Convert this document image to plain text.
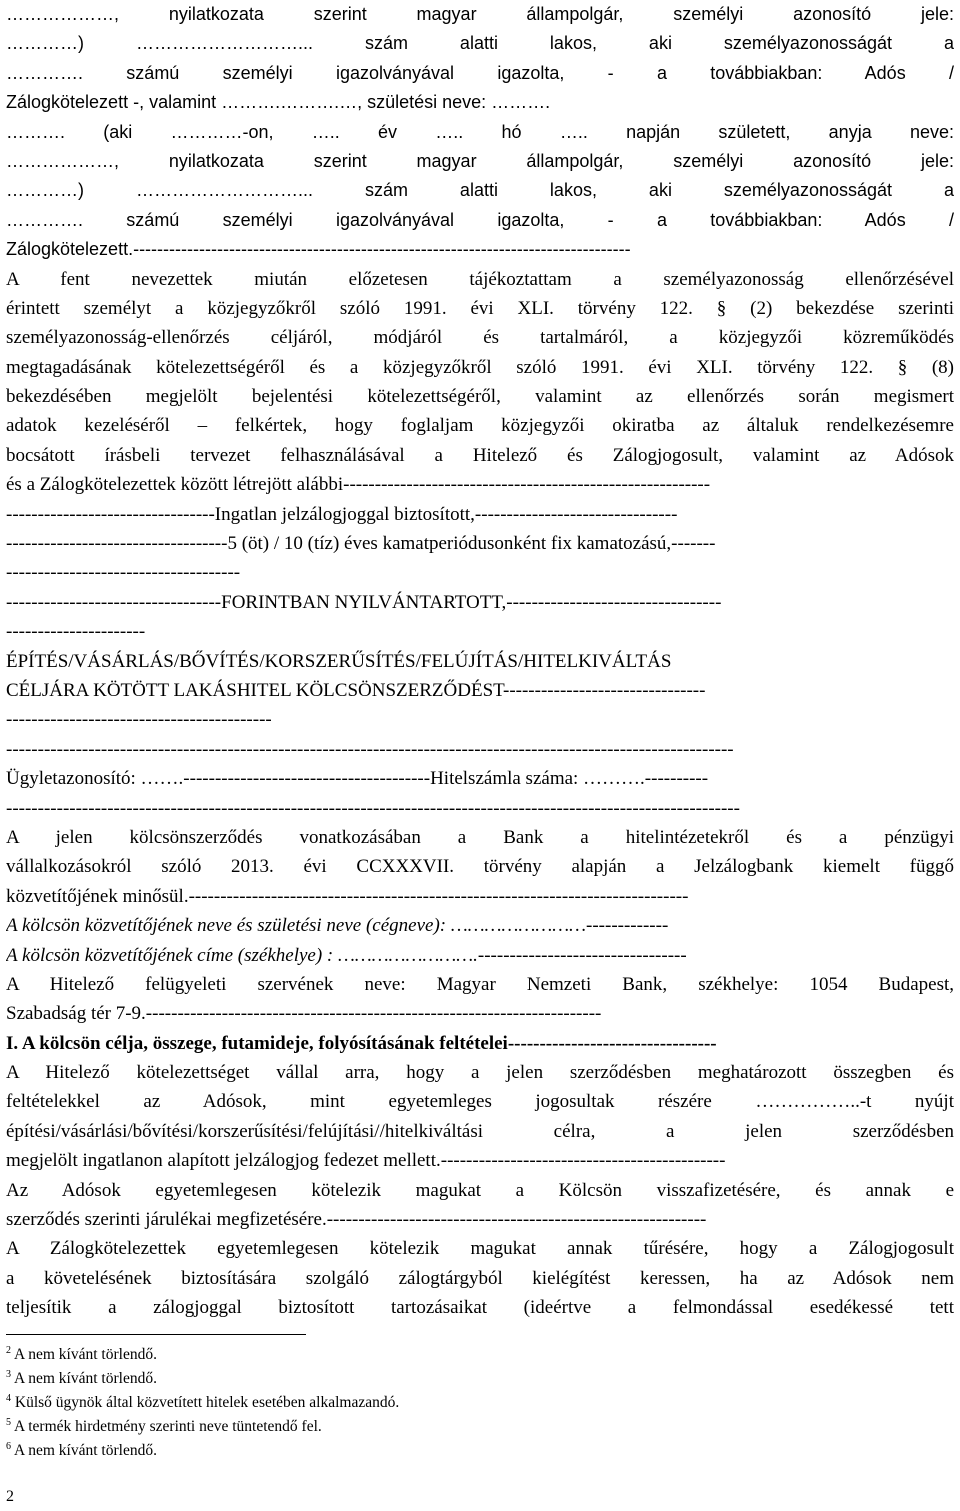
………………, nyilatkozata szerint magyar állampolgár, személyi azonosító jele:
…………) ………………………... szám alatti lakos, aki személyazonosságát a
…………. számú személyi igazolványával igazolta, - a továbbiakban: Adós /
Zálogkötelezett -, valamint ……….……….…, születési neve: ……….
………. (aki …………-on, ….. év ….. hó ….. napján született, anyja neve:
………………, nyilatkozata szerint magyar állampolgár, személyi azonosító jele:
…………) ………………………... szám alatti lakos, aki személyazonosságát a
…………. számú személyi igazolványával igazolta, - a továbbiakban: Adós /
Zálogkötelezett.-----------------------------------------------------------------------------------
A fent nevezettek miután előzetesen tájékoztattam a személyazonosság ellenőrzésével
érintett személyt a közjegyzőkről szóló 1991. évi XLI. törvény 122. § (2) bekezdése szerinti
személyazonosság-ellenőrzés céljáról, módjáról és tartalmáról, a közjegyzői közreműködés
megtagadásának kötelezettségéről és a közjegyzőkről szóló 1991. évi XLI. törvény 122. § (8)
bekezdésében megjelölt bejelentési kötelezettségéről, valamint az ellenőrzés során megismert
adatok kezeléséről – felkértek, hogy foglaljam közjegyzői okiratba az általuk rendelkezésemre
bocsátott írásbeli tervezet felhasználásával a Hitelező és Zálogjogosult, valamint az Adósok
és a Zálogkötelezettek között létrejött alábbi----------------------------------------------------------
---------------------------------Ingatlan jelzálogjoggal biztosított,--------------------------------
-----------------------------------5 (öt) / 10 (tíz) éves kamatperiódusonként fix kamatozású,-------
-------------------------------------
----------------------------------FORINTBAN NYILVÁNTARTOTT,----------------------------------
----------------------
ÉPÍTÉS/VÁSÁRLÁS/BŐVÍTÉS/KORSZERŰSÍTÉS/FELÚJÍTÁS/HITELKIVÁLTÁS
CÉLJÁRA KÖTÖTT LAKÁSHITEL KÖLCSÖNSZERZŐDÉST--------------------------------
------------------------------------------
-------------------------------------------------------------------------------------------------------------------
Ügyletazonosító: …….---------------------------------------Hitelszámla száma: ……….----------
--------------------------------------------------------------------------------------------------------------------
A jelen kölcsönszerződés vonatkozásában a Bank a hitelintézetekről és a pénzügyi
vállalkozásokról szóló 2013. évi CCXXXVII. törvény alapján a Jelzálogbank kiemelt függő
közvetítőjének minősül.-------------------------------------------------------------------------------
A kölcsön közvetítőjének neve és születési neve (cégneve): ……………………-------------
A kölcsön közvetítőjének címe (székhelye) : …………………….---------------------------------
A Hitelező felügyeleti szervének neve: Magyar Nemzeti Bank, székhelye: 1054 Budapest,
Szabadság tér 7-9.------------------------------------------------------------------------
I. A kölcsön célja, összege, futamideje, folyósításának feltételei---------------------------------
A Hitelező kötelezettséget vállal arra, hogy a jelen szerződésben meghatározott összegben és
feltételekkel az Adósok, mint egyetemleges jogosultak részére ……………..-t nyújt
építési/vásárlási/bővítési/korszerűsítési/felújítási//hitelkiváltási célra, a jelen szerződésben
megjelölt ingatlanon alapított jelzálogjog fedezet mellett.---------------------------------------------
Az Adósok egyetemlegesen kötelezik magukat a Kölcsön visszafizetésére, és annak e
szerződés szerinti járulékai megfizetésére.------------------------------------------------------------
A Zálogkötelezettek egyetemlegesen kötelezik magukat annak tűrésére, hogy a Zálogjogosult
a követelésének biztosítására szolgáló zálogtárgyból kielégítést keressen, ha az Adósok nem
teljesítik a zálogjoggal biztosított tartozásaikat (ideértve a felmondással esedékessé tett
$^2$ A nem kívánt törlendő.
$^3$ A nem kívánt törlendő.
$^4$ Külső ügynök által közvetített hitelek esetében alkalmazandó.
$^5$ A termék hirdetmény szerinti neve tüntetendő fel.
$^6$ A nem kívánt törlendő.
2
